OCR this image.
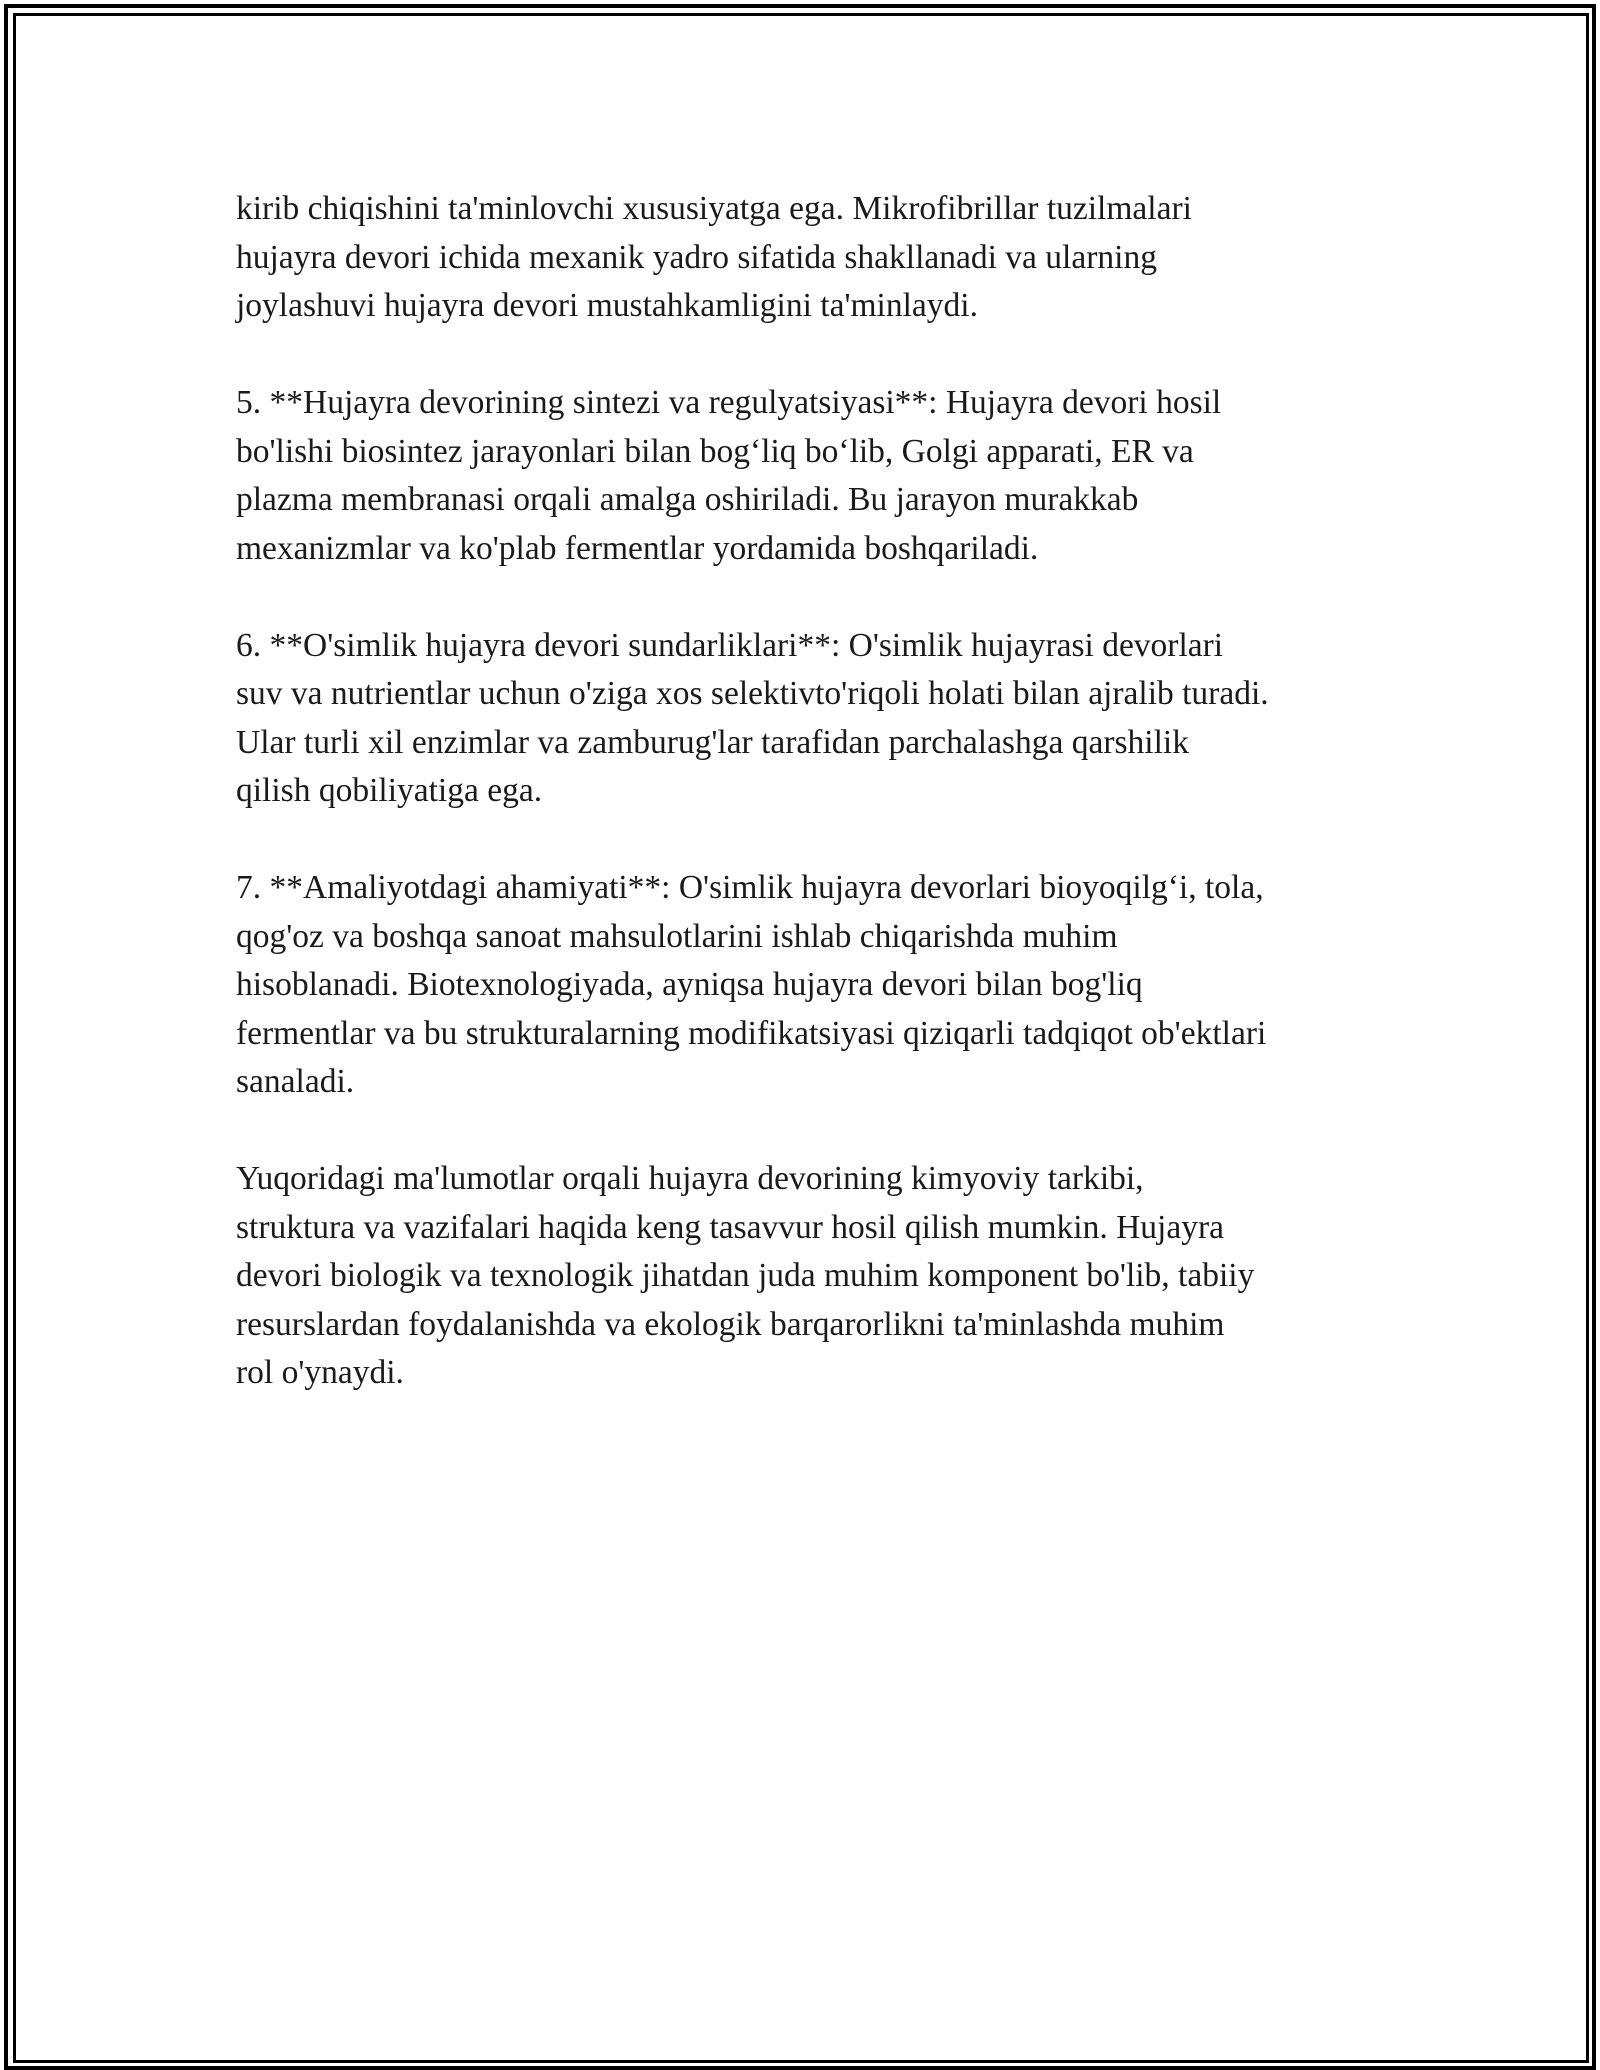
kirib chiqishini ta'minlovchi xususiyatga ega. Mikrofibrillar tuzilmalari
hujayra devori ichida mexanik yadro sifatida shakllanadi va ularning
joylashuvi hujayra devori mustahkamligini ta'minlaydi.

5. **Hujayra devorining sintezi va regulyatsiyasi**: Hujayra devori hosil
bo'lishi biosintez jarayonlari bilan bog‘liq bo‘lib, Golgi apparati, ER va
plazma membranasi orqali amalga oshiriladi. Bu jarayon murakkab
mexanizmlar va ko'plab fermentlar yordamida boshqariladi.

6. **O'simlik hujayra devori sundarliklari**: O'simlik hujayrasi devorlari
suv va nutrientlar uchun o'ziga xos selektivto'riqoli holati bilan ajralib turadi.
Ular turli xil enzimlar va zamburug'lar tarafidan parchalashga qarshilik
qilish qobiliyatiga ega.

7. **Amaliyotdagi ahamiyati**: O'simlik hujayra devorlari bioyoqilg‘i, tola,
qog'oz va boshqa sanoat mahsulotlarini ishlab chiqarishda muhim
hisoblanadi. Biotexnologiyada, ayniqsa hujayra devori bilan bog'liq
fermentlar va bu strukturalarning modifikatsiyasi qiziqarli tadqiqot ob'ektlari
sanaladi.

Yuqoridagi ma'lumotlar orqali hujayra devorining kimyoviy tarkibi,
struktura va vazifalari haqida keng tasavvur hosil qilish mumkin. Hujayra
devori biologik va texnologik jihatdan juda muhim komponent bo'lib, tabiiy
resurslardan foydalanishda va ekologik barqarorlikni ta'minlashda muhim
rol o'ynaydi.
